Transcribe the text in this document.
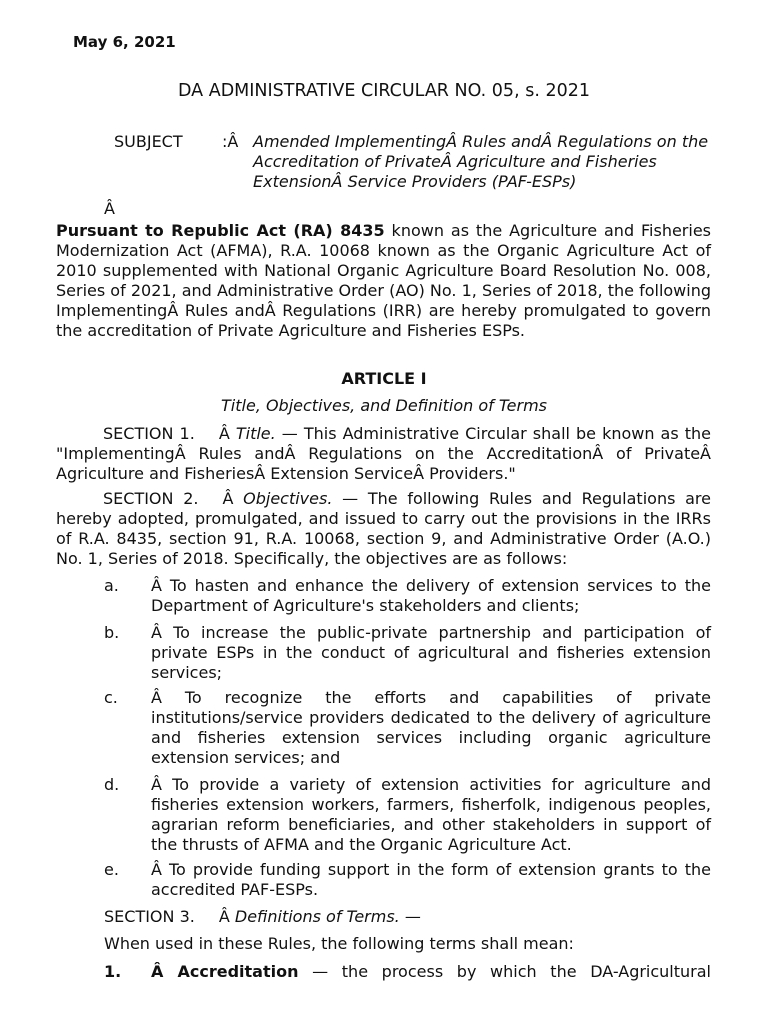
May 6, 2021
DA ADMINISTRATIVE CIRCULAR NO. 05, s. 2021
SUBJECT :Â Amended ImplementingÂ Rules andÂ Regulations on the Accreditation of PrivateÂ Agriculture and Fisheries ExtensionÂ Service Providers (PAF-ESPs)
Â
Pursuant to Republic Act (RA) 8435 known as the Agriculture and Fisheries Modernization Act (AFMA), R.A. 10068 known as the Organic Agriculture Act of 2010 supplemented with National Organic Agriculture Board Resolution No. 008, Series of 2021, and Administrative Order (AO) No. 1, Series of 2018, the following ImplementingÂ Rules andÂ Regulations (IRR) are hereby promulgated to govern the accreditation of Private Agriculture and Fisheries ESPs.
ARTICLE I
Title, Objectives, and Definition of Terms
SECTION 1. Â Title. — This Administrative Circular shall be known as the "ImplementingÂ Rules andÂ Regulations on the AccreditationÂ of PrivateÂ Agriculture and FisheriesÂ Extension ServiceÂ Providers."
SECTION 2. Â Objectives. — The following Rules and Regulations are hereby adopted, promulgated, and issued to carry out the provisions in the IRRs of R.A. 8435, section 91, R.A. 10068, section 9, and Administrative Order (A.O.) No. 1, Series of 2018. Specifically, the objectives are as follows:
a. Â To hasten and enhance the delivery of extension services to the Department of Agriculture's stakeholders and clients;
b. Â To increase the public-private partnership and participation of private ESPs in the conduct of agricultural and fisheries extension services;
c. Â To recognize the efforts and capabilities of private institutions/service providers dedicated to the delivery of agriculture and fisheries extension services including organic agriculture extension services; and
d. Â To provide a variety of extension activities for agriculture and fisheries extension workers, farmers, fisherfolk, indigenous peoples, agrarian reform beneficiaries, and other stakeholders in support of the thrusts of AFMA and the Organic Agriculture Act.
e. Â To provide funding support in the form of extension grants to the accredited PAF-ESPs.
SECTION 3. Â Definitions of Terms. —
When used in these Rules, the following terms shall mean:
1. Â Accreditation — the process by which the DA-Agricultural
